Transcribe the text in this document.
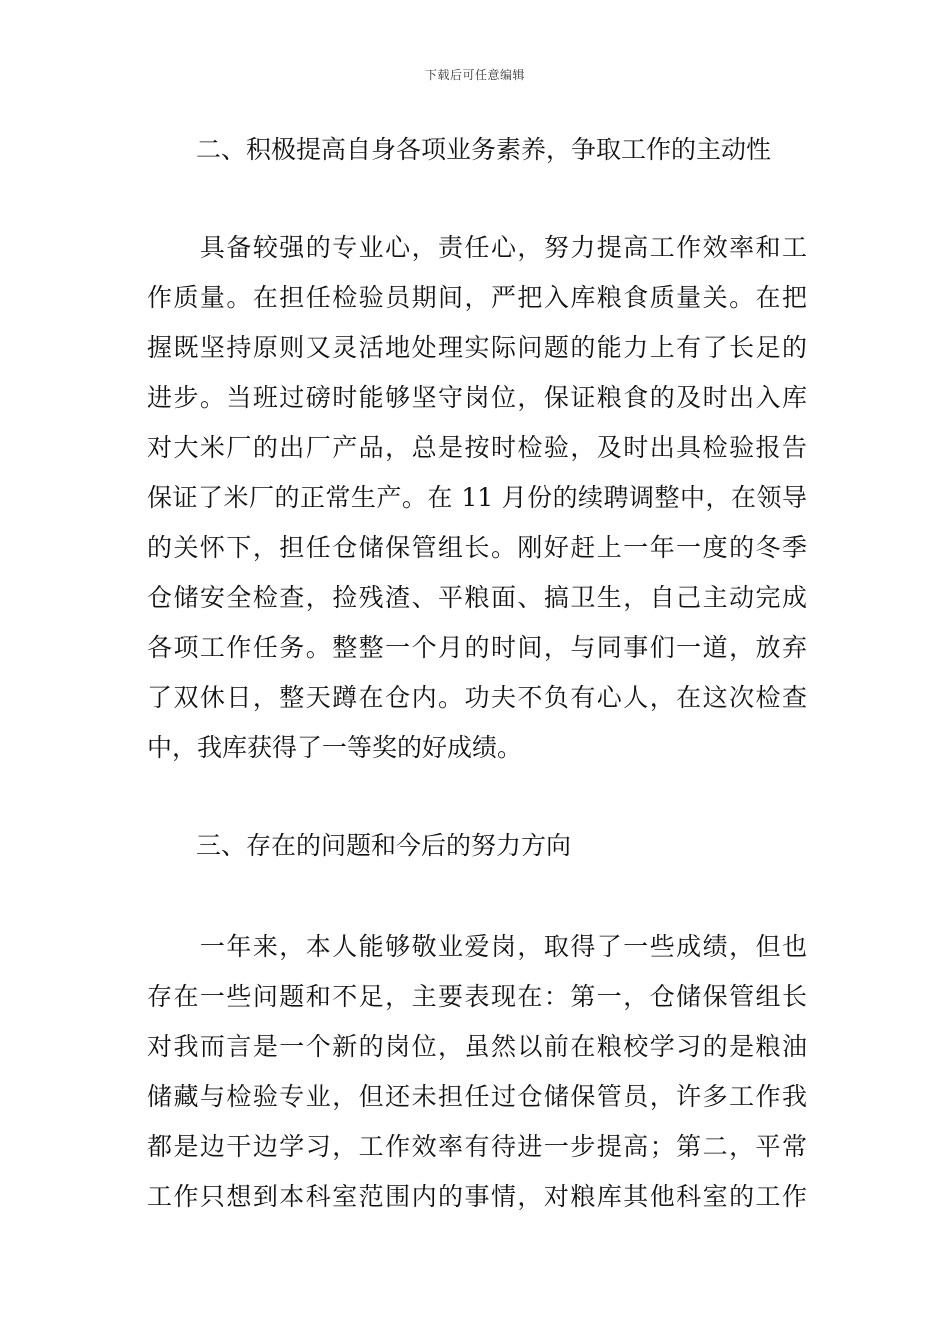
下载后可任意编辑
二、积极提高自身各项业务素养，争取工作的主动性
　　具备较强的专业心，责任心，努力提高工作效率和工
作质量。在担任检验员期间，严把入库粮食质量关。在把
握既坚持原则又灵活地处理实际问题的能力上有了长足的
进步。当班过磅时能够坚守岗位，保证粮食的及时出入库
对大米厂的出厂产品，总是按时检验，及时出具检验报告
保证了米厂的正常生产。在 11 月份的续聘调整中，在领导
的关怀下，担任仓储保管组长。刚好赶上一年一度的冬季
仓储安全检查，捡残渣、平粮面、搞卫生，自己主动完成
各项工作任务。整整一个月的时间，与同事们一道，放弃
了双休日，整天蹲在仓内。功夫不负有心人，在这次检查
中，我库获得了一等奖的好成绩。
三、存在的问题和今后的努力方向
　　一年来，本人能够敬业爱岗，取得了一些成绩，但也
存在一些问题和不足，主要表现在：第一，仓储保管组长
对我而言是一个新的岗位，虽然以前在粮校学习的是粮油
储藏与检验专业，但还未担任过仓储保管员，许多工作我
都是边干边学习，工作效率有待进一步提高；第二，平常
工作只想到本科室范围内的事情，对粮库其他科室的工作
